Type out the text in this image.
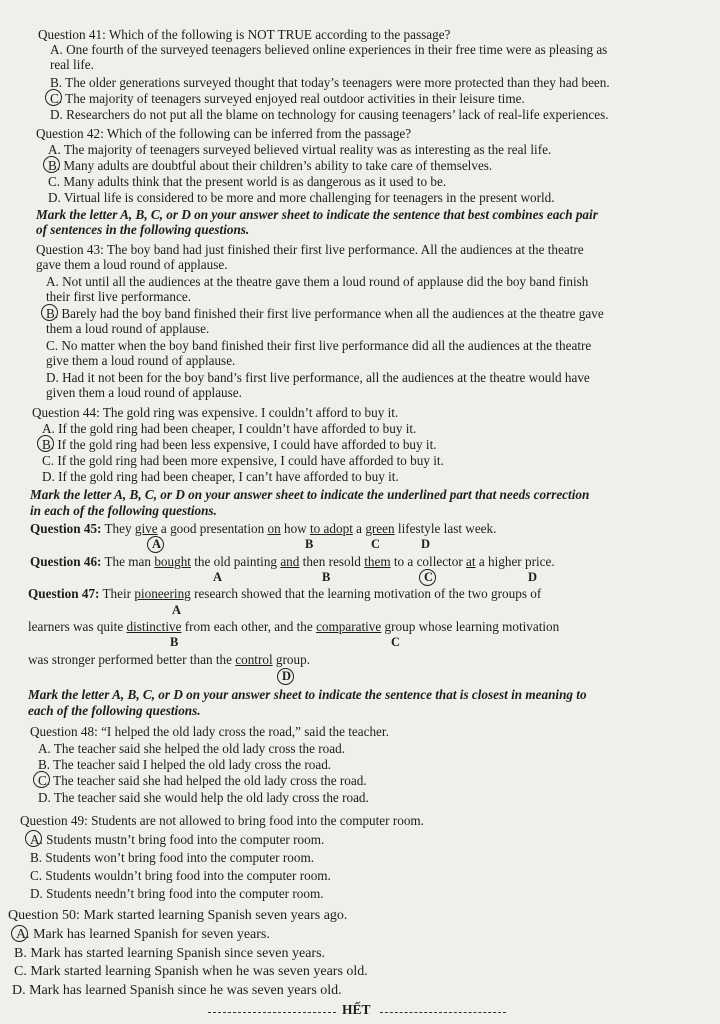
Question 41: Which of the following is NOT TRUE according to the passage?
A. One fourth of the surveyed teenagers believed online experiences in their free time were as pleasing as
real life.
B. The older generations surveyed thought that today’s teenagers were more protected than they had been.
C. The majority of teenagers surveyed enjoyed real outdoor activities in their leisure time.
D. Researchers do not put all the blame on technology for causing teenagers’ lack of real-life experiences.
Question 42: Which of the following can be inferred from the passage?
A. The majority of teenagers surveyed believed virtual reality was as interesting as the real life.
B. Many adults are doubtful about their children’s ability to take care of themselves.
C. Many adults think that the present world is as dangerous as it used to be.
D. Virtual life is considered to be more and more challenging for teenagers in the present world.
Mark the letter A, B, C, or D on your answer sheet to indicate the sentence that best combines each pair
of sentences in the following questions.
Question 43: The boy band had just finished their first live performance. All the audiences at the theatre
gave them a loud round of applause.
A. Not until all the audiences at the theatre gave them a loud round of applause did the boy band finish
their first live performance.
B. Barely had the boy band finished their first live performance when all the audiences at the theatre gave
them a loud round of applause.
C. No matter when the boy band finished their first live performance did all the audiences at the theatre
give them a loud round of applause.
D. Had it not been for the boy band’s first live performance, all the audiences at the theatre would have
given them a loud round of applause.
Question 44: The gold ring was expensive. I couldn’t afford to buy it.
A. If the gold ring had been cheaper, I couldn’t have afforded to buy it.
B. If the gold ring had been less expensive, I could have afforded to buy it.
C. If the gold ring had been more expensive, I could have afforded to buy it.
D. If the gold ring had been cheaper, I can’t have afforded to buy it.
Mark the letter A, B, C, or D on your answer sheet to indicate the underlined part that needs correction
in each of the following questions.
Question 45: They give a good presentation on how to adopt a green lifestyle last week.
A	B	C	D
Question 46: The man bought the old painting and then resold them to a collector at a higher price.
A	B	C	D
Question 47: Their pioneering research showed that the learning motivation of the two groups of
A
learners was quite distinctive from each other, and the comparative group whose learning motivation
B	C
was stronger performed better than the control group.
D
Mark the letter A, B, C, or D on your answer sheet to indicate the sentence that is closest in meaning to
each of the following questions.
Question 48: “I helped the old lady cross the road,” said the teacher.
A. The teacher said she helped the old lady cross the road.
B. The teacher said I helped the old lady cross the road.
C. The teacher said she had helped the old lady cross the road.
D. The teacher said she would help the old lady cross the road.
Question 49: Students are not allowed to bring food into the computer room.
A. Students mustn’t bring food into the computer room.
B. Students won’t bring food into the computer room.
C. Students wouldn’t bring food into the computer room.
D. Students needn’t bring food into the computer room.
Question 50: Mark started learning Spanish seven years ago.
A. Mark has learned Spanish for seven years.
B. Mark has started learning Spanish since seven years.
C. Mark started learning Spanish when he was seven years old.
D. Mark has learned Spanish since he was seven years old.
HẾT
